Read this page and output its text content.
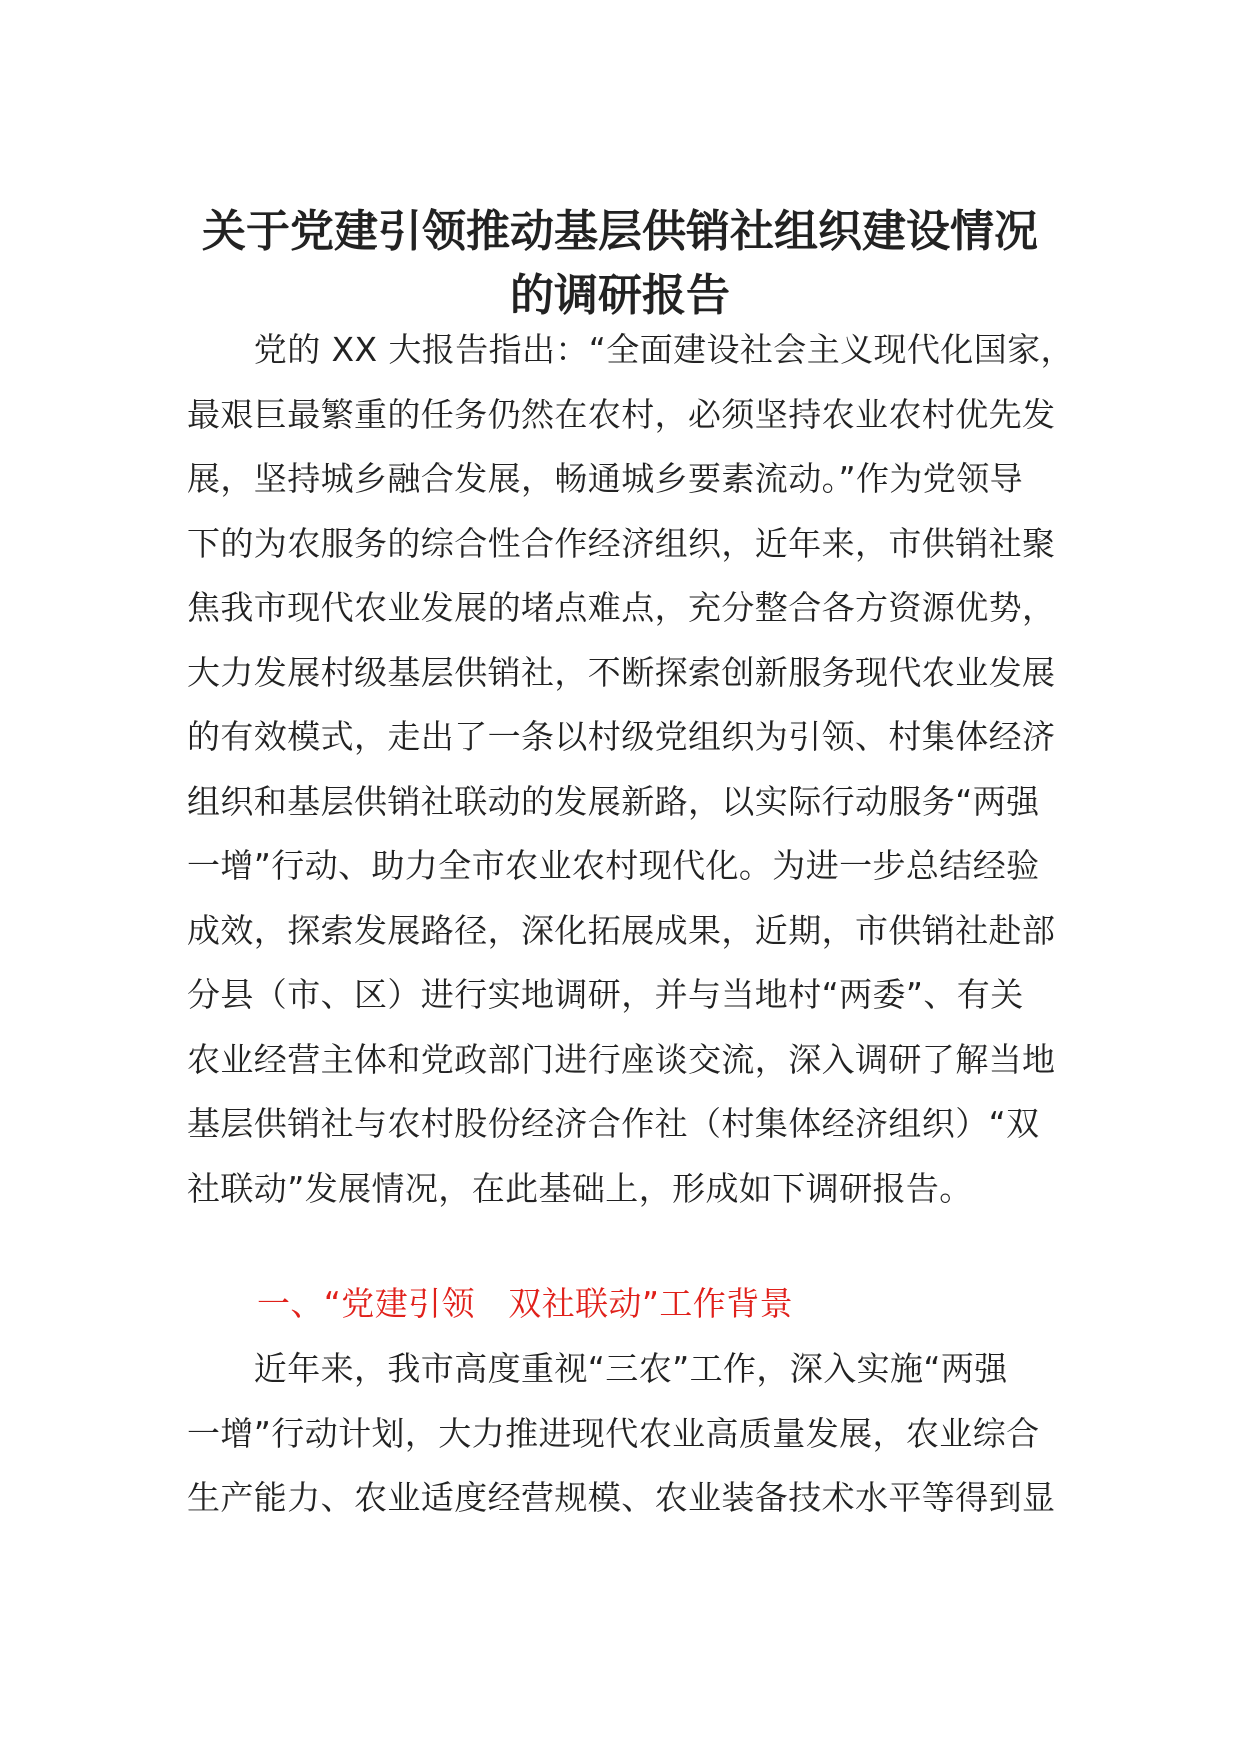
关于党建引领推动基层供销社组织建设情况
的调研报告
　　党的 XX 大报告指出：“全面建设社会主义现代化国家，
最艰巨最繁重的任务仍然在农村，必须坚持农业农村优先发
展，坚持城乡融合发展，畅通城乡要素流动。”作为党领导
下的为农服务的综合性合作经济组织，近年来，市供销社聚
焦我市现代农业发展的堵点难点，充分整合各方资源优势，
大力发展村级基层供销社，不断探索创新服务现代农业发展
的有效模式，走出了一条以村级党组织为引领、村集体经济
组织和基层供销社联动的发展新路，以实际行动服务“两强
一增”行动、助力全市农业农村现代化。为进一步总结经验
成效，探索发展路径，深化拓展成果，近期，市供销社赴部
分县（市、区）进行实地调研，并与当地村“两委”、有关
农业经营主体和党政部门进行座谈交流，深入调研了解当地
基层供销社与农村股份经济合作社（村集体经济组织）“双
社联动”发展情况，在此基础上，形成如下调研报告。
一、“党建引领　双社联动”工作背景
　　近年来，我市高度重视“三农”工作，深入实施“两强
一增”行动计划，大力推进现代农业高质量发展，农业综合
生产能力、农业适度经营规模、农业装备技术水平等得到显
